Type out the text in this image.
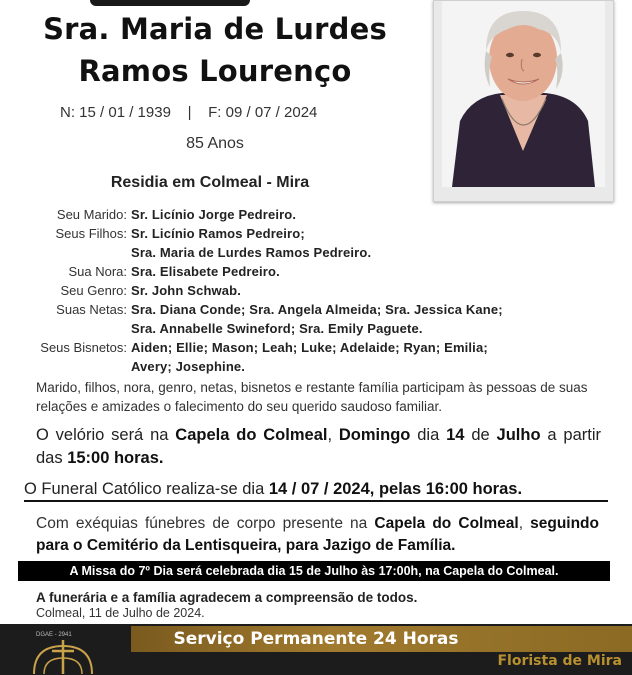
Sra. Maria de Lurdes
Ramos Lourenço
N: 15 / 01 / 1939    |    F: 09 / 07 / 2024
85 Anos
Residia em Colmeal - Mira
Seu Marido: Sr. Licínio Jorge Pedreiro.
Seus Filhos: Sr. Licínio Ramos Pedreiro;
Sra. Maria de Lurdes Ramos Pedreiro.
Sua Nora: Sra. Elisabete Pedreiro.
Seu Genro: Sr. John Schwab.
Suas Netas: Sra. Diana Conde; Sra. Angela Almeida; Sra. Jessica Kane;
Sra. Annabelle Swineford; Sra. Emily Paguete.
Seus Bisnetos: Aiden; Ellie; Mason; Leah; Luke; Adelaide; Ryan; Emilia;
Avery; Josephine.
Marido, filhos, nora, genro, netas, bisnetos e restante família participam às pessoas de suas relações e amizades o falecimento do seu querido saudoso familiar.
O velório será na Capela do Colmeal, Domingo dia 14 de Julho a partir das 15:00 horas.
O Funeral Católico realiza-se dia 14 / 07 / 2024, pelas 16:00 horas.
Com exéquias fúnebres de corpo presente na Capela do Colmeal, seguindo para o Cemitério da Lentisqueira, para Jazigo de Família.
A Missa do 7º Dia será celebrada dia 15 de Julho às 17:00h, na Capela do Colmeal.
A funerária e a família agradecem a compreensão de todos.
Colmeal, 11 de Julho de 2024.
Serviço Permanente 24 Horas
Florista de Mira
DGAE - 2941
